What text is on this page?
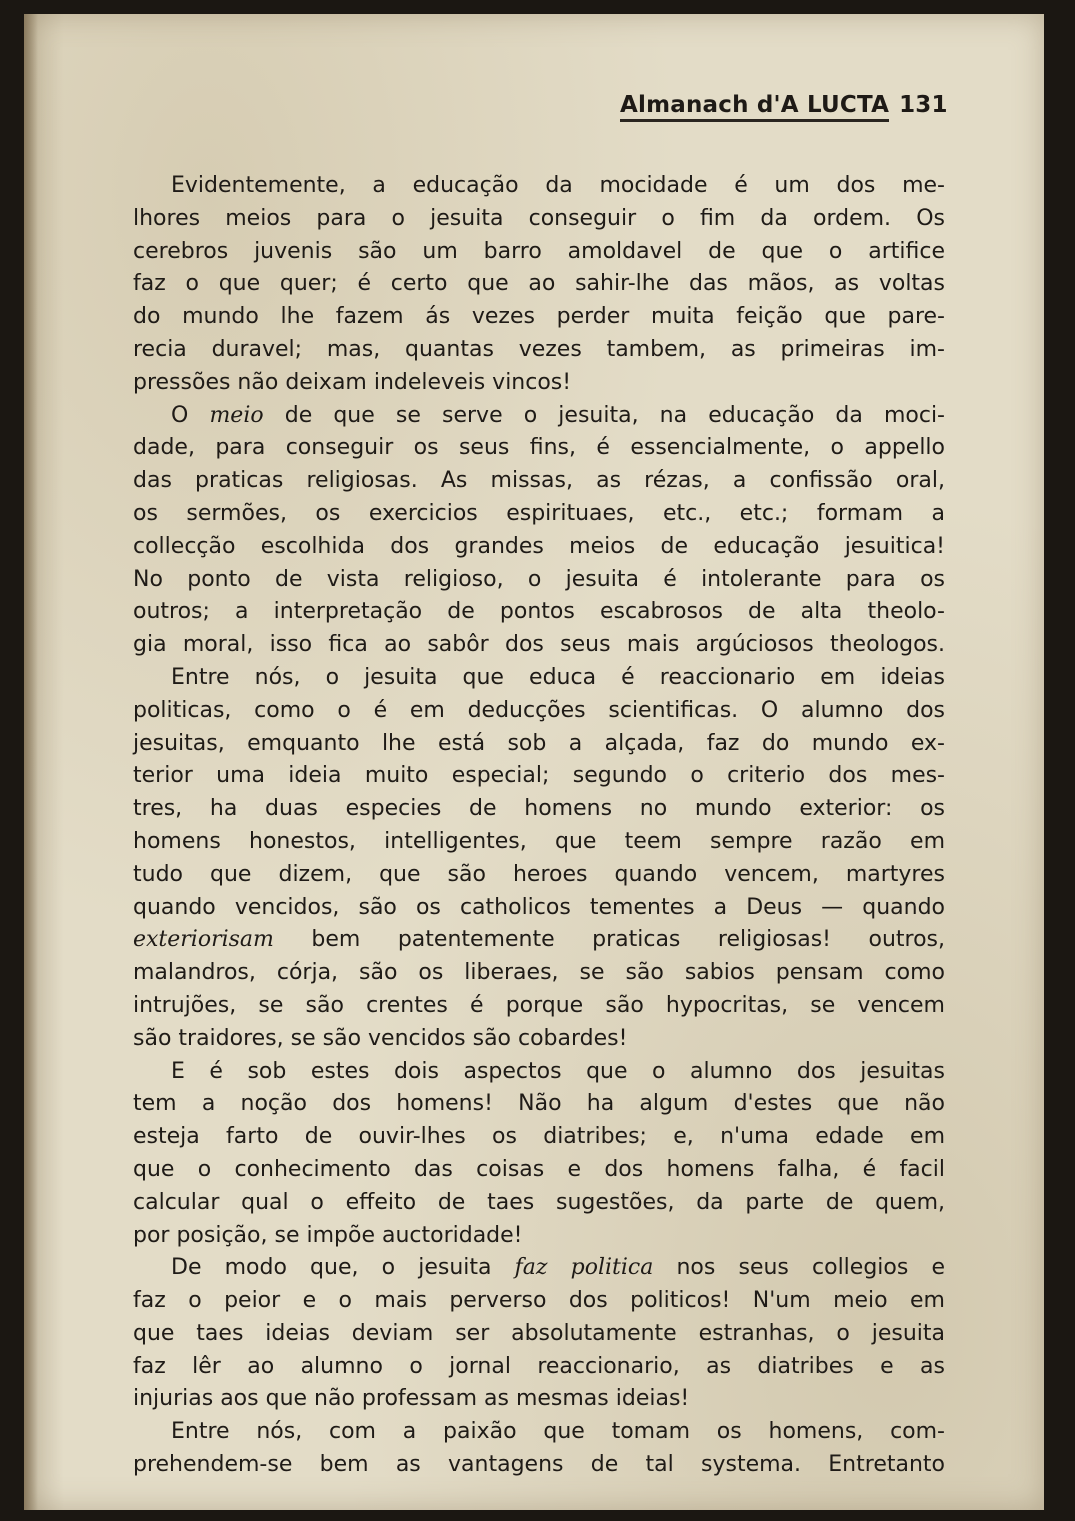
Almanach d'A LUCTA 131
Evidentemente, a educação da mocidade é um dos me-
lhores meios para o jesuita conseguir o fim da ordem. Os
cerebros juvenis são um barro amoldavel de que o artifice
faz o que quer; é certo que ao sahir-lhe das mãos, as voltas
do mundo lhe fazem ás vezes perder muita feição que pare-
recia duravel; mas, quantas vezes tambem, as primeiras im-
pressões não deixam indeleveis vincos!
O meio de que se serve o jesuita, na educação da moci-
dade, para conseguir os seus fins, é essencialmente, o appello
das praticas religiosas. As missas, as rézas, a confissão oral,
os sermões, os exercicios espirituaes, etc., etc.; formam a
collecção escolhida dos grandes meios de educação jesuitica!
No ponto de vista religioso, o jesuita é intolerante para os
outros; a interpretação de pontos escabrosos de alta theolo-
gia moral, isso fica ao sabôr dos seus mais argúciosos theologos.
Entre nós, o jesuita que educa é reaccionario em ideias
politicas, como o é em deducções scientificas. O alumno dos
jesuitas, emquanto lhe está sob a alçada, faz do mundo ex-
terior uma ideia muito especial; segundo o criterio dos mes-
tres, ha duas especies de homens no mundo exterior: os
homens honestos, intelligentes, que teem sempre razão em
tudo que dizem, que são heroes quando vencem, martyres
quando vencidos, são os catholicos tementes a Deus — quando
exteriorisam bem patentemente praticas religiosas! outros,
malandros, córja, são os liberaes, se são sabios pensam como
intrujões, se são crentes é porque são hypocritas, se vencem
são traidores, se são vencidos são cobardes!
E é sob estes dois aspectos que o alumno dos jesuitas
tem a noção dos homens! Não ha algum d'estes que não
esteja farto de ouvir-lhes os diatribes; e, n'uma edade em
que o conhecimento das coisas e dos homens falha, é facil
calcular qual o effeito de taes sugestões, da parte de quem,
por posição, se impõe auctoridade!
De modo que, o jesuita faz politica nos seus collegios e
faz o peior e o mais perverso dos politicos! N'um meio em
que taes ideias deviam ser absolutamente estranhas, o jesuita
faz lêr ao alumno o jornal reaccionario, as diatribes e as
injurias aos que não professam as mesmas ideias!
Entre nós, com a paixão que tomam os homens, com-
prehendem-se bem as vantagens de tal systema. Entretanto
